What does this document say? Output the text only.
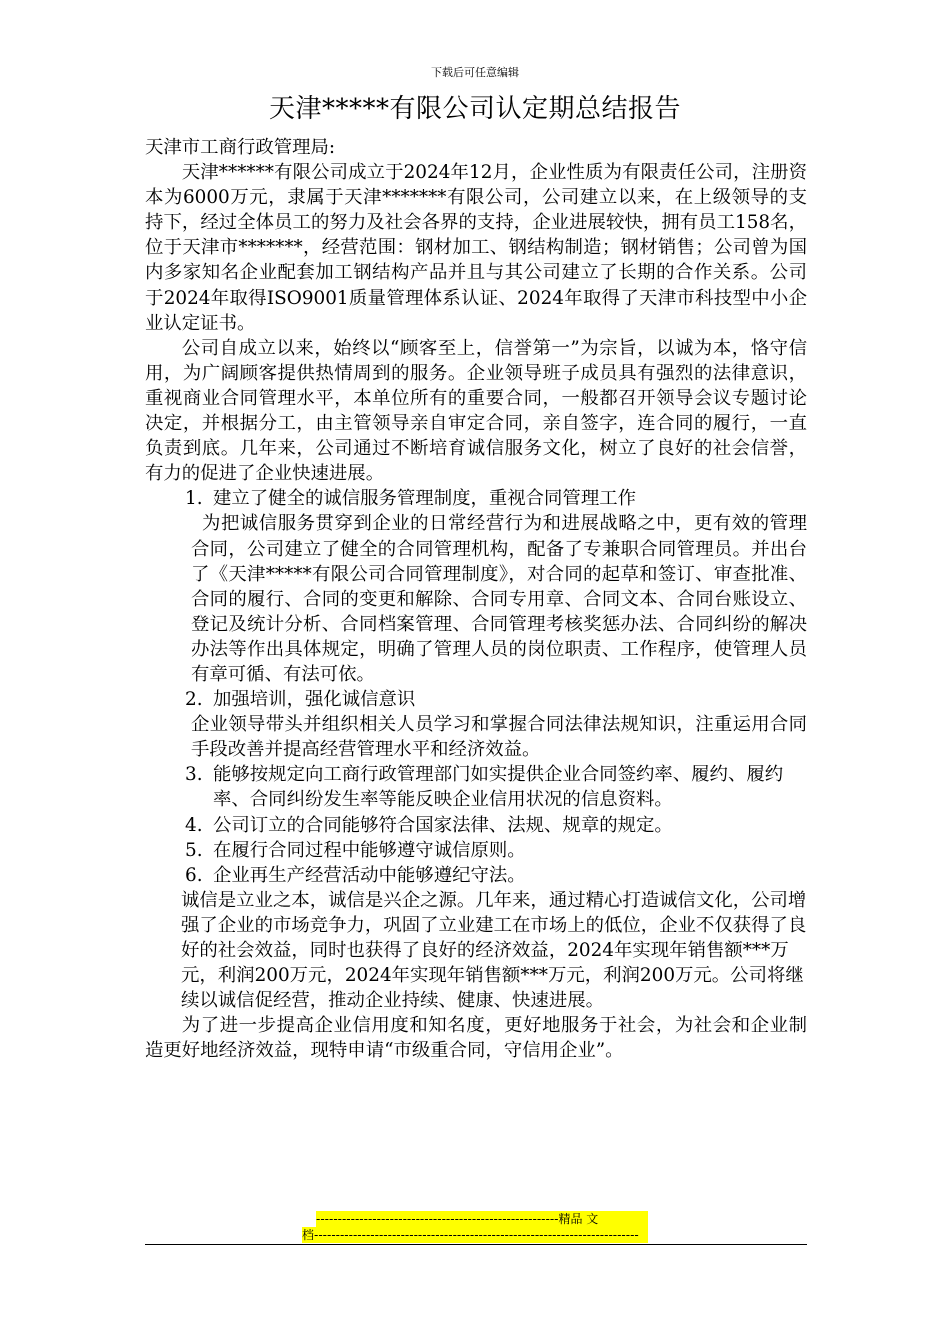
下载后可任意编辑
天津*****有限公司认定期总结报告

天津市工商行政管理局:

天津******有限公司成立于2024年12月，企业性质为有限责任公司，注册资本为6000万元，隶属于天津*******有限公司，公司建立以来，在上级领导的支持下，经过全体员工的努力及社会各界的支持，企业进展较快，拥有员工158名，位于天津市*******，经营范围：钢材加工、钢结构制造；钢材销售；公司曾为国内多家知名企业配套加工钢结构产品并且与其公司建立了长期的合作关系。公司于2024年取得ISO9001质量管理体系认证、2024年取得了天津市科技型中小企业认定证书。

公司自成立以来，始终以“顾客至上，信誉第一”为宗旨，以诚为本，恪守信用，为广阔顾客提供热情周到的服务。企业领导班子成员具有强烈的法律意识，重视商业合同管理水平，本单位所有的重要合同，一般都召开领导会议专题讨论决定，并根据分工，由主管领导亲自审定合同，亲自签字，连合同的履行，一直负责到底。几年来，公司通过不断培育诚信服务文化，树立了良好的社会信誉，有力的促进了企业快速进展。

1. 建立了健全的诚信服务管理制度，重视合同管理工作

为把诚信服务贯穿到企业的日常经营行为和进展战略之中，更有效的管理合同，公司建立了健全的合同管理机构，配备了专兼职合同管理员。并出台了《天津*****有限公司合同管理制度》，对合同的起草和签订、审查批准、合同的履行、合同的变更和解除、合同专用章、合同文本、合同台账设立、登记及统计分析、合同档案管理、合同管理考核奖惩办法、合同纠纷的解决办法等作出具体规定，明确了管理人员的岗位职责、工作程序，使管理人员有章可循、有法可依。

2. 加强培训，强化诚信意识

企业领导带头并组织相关人员学习和掌握合同法律法规知识，注重运用合同手段改善并提高经营管理水平和经济效益。

3. 能够按规定向工商行政管理部门如实提供企业合同签约率、履约、履约率、合同纠纷发生率等能反映企业信用状况的信息资料。

4. 公司订立的合同能够符合国家法律、法规、规章的规定。

5. 在履行合同过程中能够遵守诚信原则。

6. 企业再生产经营活动中能够遵纪守法。

诚信是立业之本，诚信是兴企之源。几年来，通过精心打造诚信文化，公司增强了企业的市场竞争力，巩固了立业建工在市场上的低位，企业不仅获得了良好的社会效益，同时也获得了良好的经济效益，2024年实现年销售额***万元，利润200万元，2024年实现年销售额***万元，利润200万元。公司将继续以诚信促经营，推动企业持续、健康、快速进展。

为了进一步提高企业信用度和知名度，更好地服务于社会，为社会和企业制造更好地经济效益，现特申请“市级重合同，守信用企业”。

--------------------------------------------------------精品 文
档---------------------------------------------------------------------------
